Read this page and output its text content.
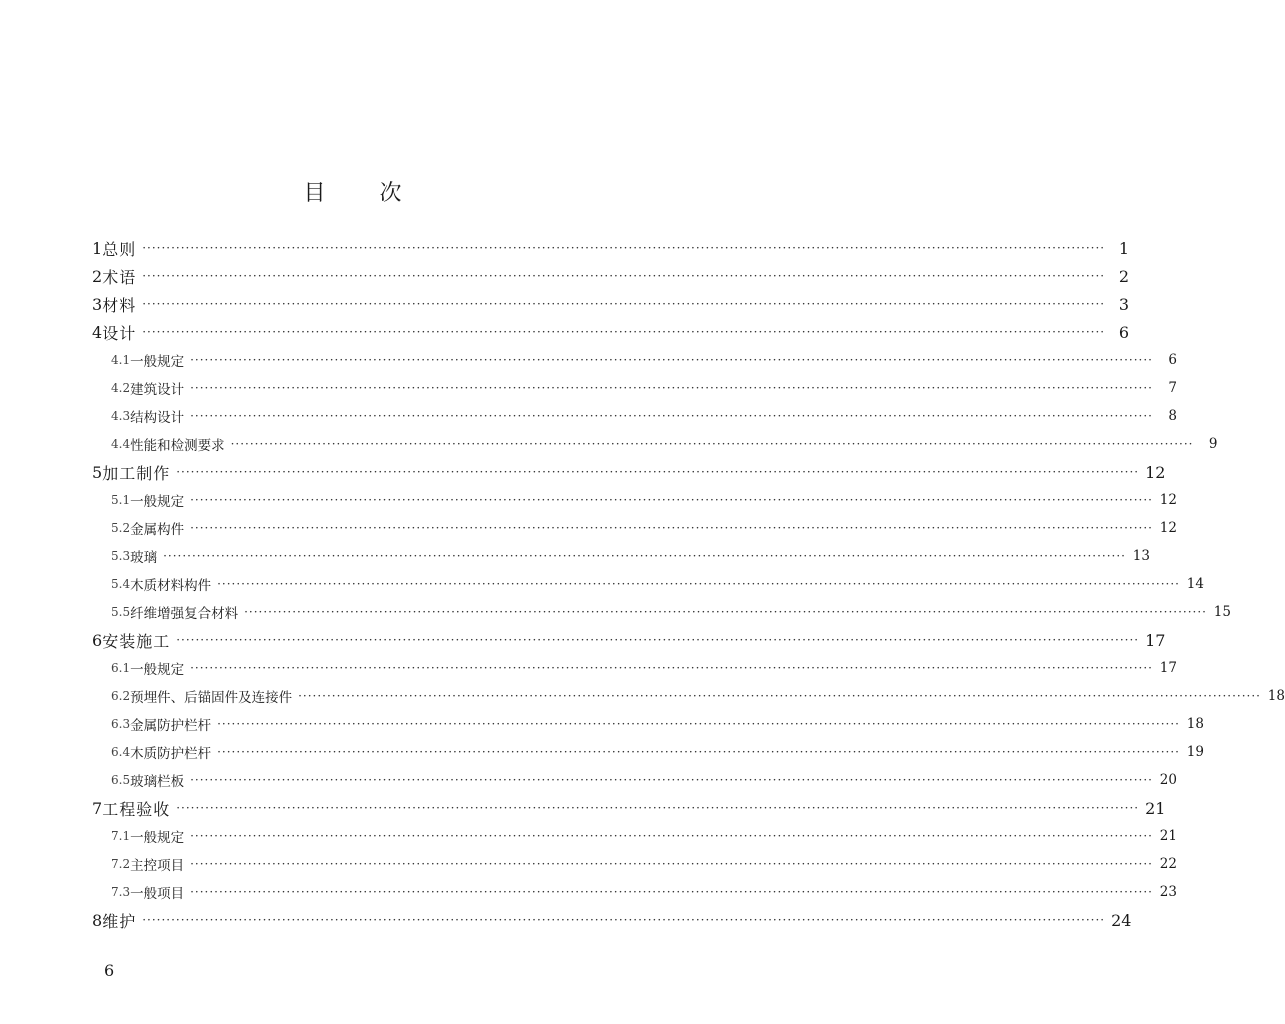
目 次
1 总则 ········································································································································································································ 1
2 术语 ········································································································································································································ 2
3 材料 ········································································································································································································ 3
4 设计 ········································································································································································································ 6
4.1 一般规定 ········································································································································································································	6
4.2 建筑设计 ········································································································································································································	7
4.3 结构设计 ········································································································································································································	8
4.4 性能和检测要求 ········································································································································································································	9
5 加工制作 ········································································································································································································ 12
5.1 一般规定 ········································································································································································································ 12
5.2 金属构件 ········································································································································································································ 12
5.3 玻璃 ········································································································································································································ 13
5.4 木质材料构件 ········································································································································································································ 14
5.5 纤维增强复合材料 ········································································································································································································ 15
6 安装施工 ········································································································································································································ 17
6.1 一般规定 ········································································································································································································ 17
6.2 预埋件、后锚固件及连接件 ········································································································································································································ 18
6.3 金属防护栏杆 ········································································································································································································ 18
6.4 木质防护栏杆 ········································································································································································································ 19
6.5 玻璃栏板 ········································································································································································································ 20
7 工程验收 ········································································································································································································ 21
7.1 一般规定 ········································································································································································································ 21
7.2 主控项目 ········································································································································································································ 22
7.3 一般项目 ········································································································································································································ 23
8 维护 ········································································································································································································ 24
6
